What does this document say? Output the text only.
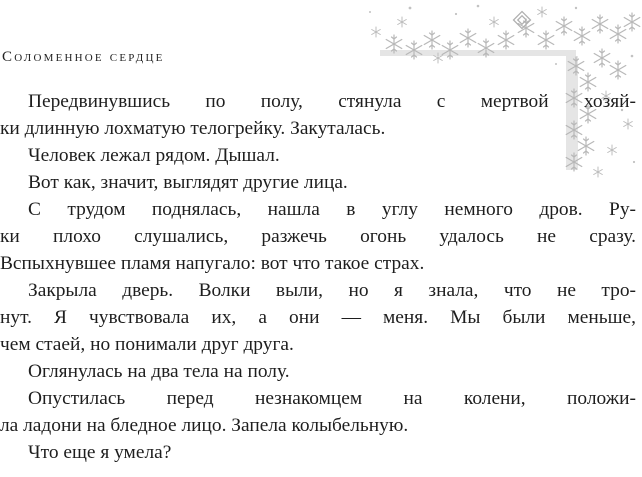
Соломенное сердце
Передвинувшись по полу, стянула с мертвой хозяй-
ки длинную лохматую телогрейку. Закуталась.
Человек лежал рядом. Дышал.
Вот как, значит, выглядят другие лица.
С трудом поднялась, нашла в углу немного дров. Ру-
ки плохо слушались, разжечь огонь удалось не сразу.
Вспыхнувшее пламя напугало: вот что такое страх.
Закрыла дверь. Волки выли, но я знала, что не тро-
нут. Я чувствовала их, а они — меня. Мы были меньше,
чем стаей, но понимали друг друга.
Оглянулась на два тела на полу.
Опустилась перед незнакомцем на колени, положи-
ла ладони на бледное лицо. Запела колыбельную.
Что еще я умела?
